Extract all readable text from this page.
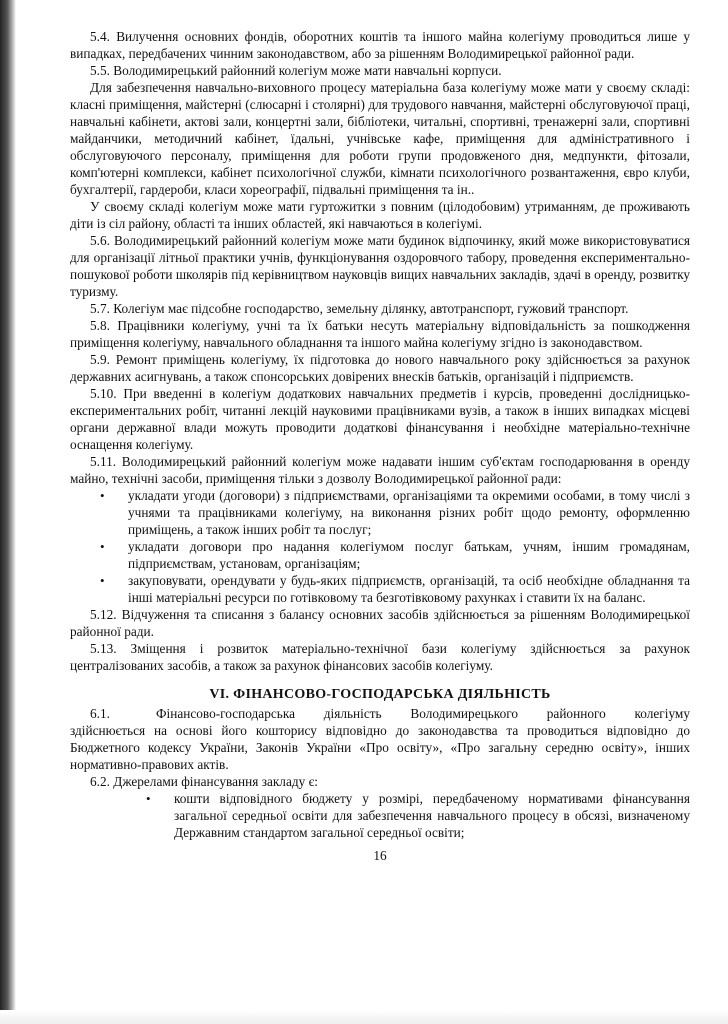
5.4. Вилучення основних фондів, оборотних коштів та іншого майна колегіуму проводиться лише у випадках, передбачених чинним законодавством, або за рішенням Володимирецької районної ради.

5.5. Володимирецький районний колегіум може мати навчальні корпуси.

Для забезпечення навчально-виховного процесу матеріальна база колегіуму може мати у своєму складі: класні приміщення, майстерні (слюсарні і столярні) для трудового навчання, майстерні обслуговуючої праці, навчальні кабінети, актові зали, концертні зали, бібліотеки, читальні, спортивні, тренажерні зали, спортивні майданчики, методичний кабінет, їдальні, учнівське кафе, приміщення для адміністративного і обслуговуючого персоналу, приміщення для роботи групи продовженого дня, медпункти, фітозали, комп'ютерні комплекси, кабінет психологічної служби, кімнати психологічного розвантаження, євро клуби, бухгалтерії, гардероби, класи хореографії, підвальні приміщення та ін..

У своєму складі колегіум може мати гуртожитки з повним (цілодобовим) утриманням, де проживають діти із сіл району, області та інших областей, які навчаються в колегіумі.

5.6. Володимирецький районний колегіум може мати будинок відпочинку, який може використовуватися для організації літньої практики учнів, функціонування оздоровчого табору, проведення експериментально-пошукової роботи школярів під керівництвом науковців вищих навчальних закладів, здачі в оренду, розвитку туризму.

5.7. Колегіум має підсобне господарство, земельну ділянку, автотранспорт, гужовий транспорт.

5.8. Працівники колегіуму, учні та їх батьки несуть матеріальну відповідальність за пошкодження приміщення колегіуму, навчального обладнання та іншого майна колегіуму згідно із законодавством.

5.9. Ремонт приміщень колегіуму, їх підготовка до нового навчального року здійснюється за рахунок державних асигнувань, а також спонсорських довірених внесків батьків, організацій і підприємств.

5.10. При введенні в колегіум додаткових навчальних предметів і курсів, проведенні дослідницько-експериментальних робіт, читанні лекцій науковими працівниками вузів, а також в інших випадках місцеві органи державної влади можуть проводити додаткові фінансування і необхідне матеріально-технічне оснащення колегіуму.

5.11. Володимирецький районний колегіум може надавати іншим суб'єктам господарювання в оренду майно, технічні засоби, приміщення тільки з дозволу Володимирецької районної ради:

•	укладати угоди (договори) з підприємствами, організаціями та окремими особами, в тому числі з учнями та працівниками колегіуму, на виконання різних робіт щодо ремонту, оформленню приміщень, а також інших робіт та послуг;
•	укладати договори про надання колегіумом послуг батькам, учням, іншим громадянам, підприємствам, установам, організаціям;
•	закуповувати, орендувати у будь-яких підприємств, організацій, та осіб необхідне обладнання та інші матеріальні ресурси по готівковому та безготівковому рахунках і ставити їх на баланс.

5.12. Відчуження та списання з балансу основних засобів здійснюється за рішенням Володимирецької районної ради.

5.13. Зміщення і розвиток матеріально-технічної бази колегіуму здійснюється за рахунок централізованих засобів, а також за рахунок фінансових засобів колегіуму.

VI. ФІНАНСОВО-ГОСПОДАРСЬКА ДІЯЛЬНІСТЬ
6.1.	Фінансово-господарська діяльність Володимирецького районного колегіуму

здійснюється на основі його кошторису відповідно до законодавства та проводиться відповідно до Бюджетного кодексу України, Законів України «Про освіту», «Про загальну середню освіту», інших нормативно-правових актів.

6.2. Джерелами фінансування закладу є:

•	кошти відповідного бюджету у розмірі, передбаченому нормативами фінансування загальної середньої освіти для забезпечення навчального процесу в обсязі, визначеному Державним стандартом загальної середньої освіти;
16
